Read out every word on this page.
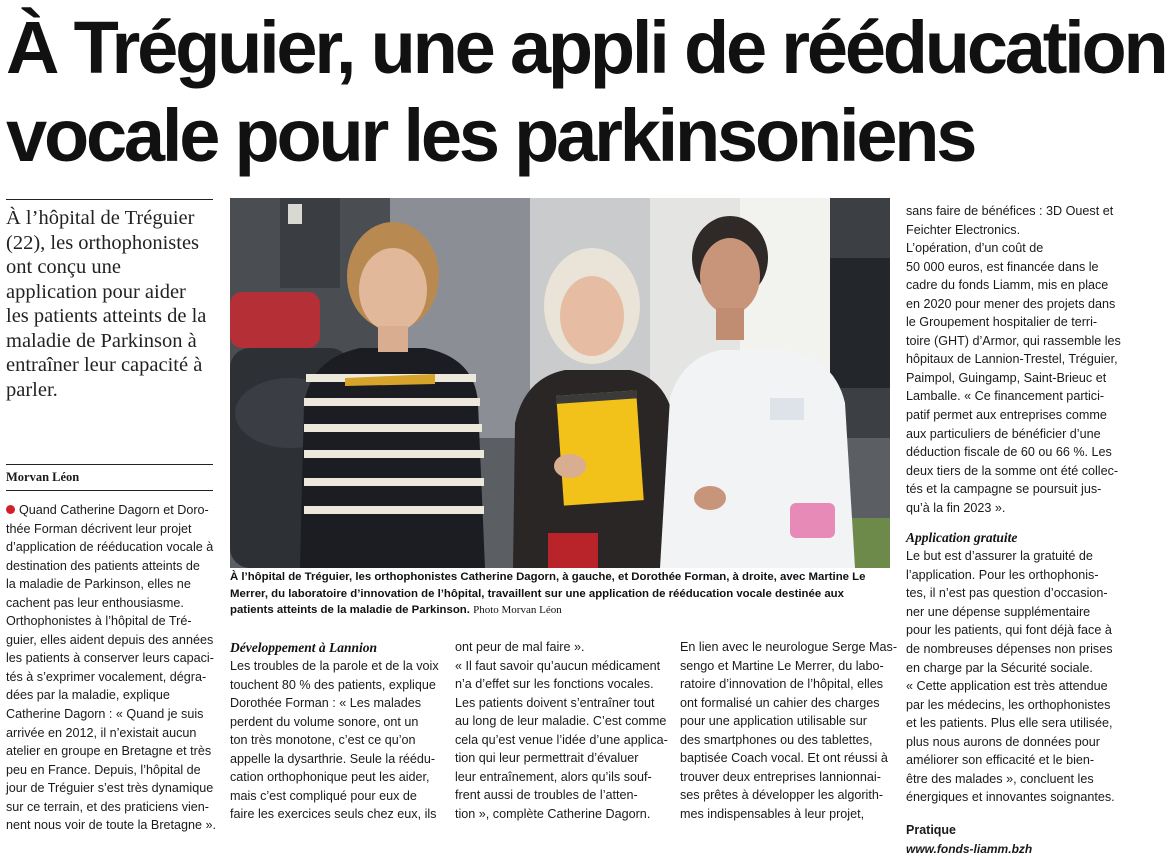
À Tréguier, une appli de rééducation
vocale pour les parkinsoniens
À l’hôpital de Tréguier (22), les orthophonistes ont conçu une application pour aider les patients atteints de la maladie de Parkinson à entraîner leur capacité à parler.
Morvan Léon
Quand Catherine Dagorn et Doro-
thée Forman décrivent leur projet
d’application de rééducation vocale à
destination des patients atteints de
la maladie de Parkinson, elles ne
cachent pas leur enthousiasme.
Orthophonistes à l’hôpital de Tré-
guier, elles aident depuis des années
les patients à conserver leurs capaci-
tés à s’exprimer vocalement, dégra-
dées par la maladie, explique
Catherine Dagorn : « Quand je suis
arrivée en 2012, il n’existait aucun
atelier en groupe en Bretagne et très
peu en France. Depuis, l’hôpital de
jour de Tréguier s’est très dynamique
sur ce terrain, et des praticiens vien-
nent nous voir de toute la Bretagne ».
À l’hôpital de Tréguier, les orthophonistes Catherine Dagorn, à gauche, et Dorothée Forman, à droite, avec Martine Le Merrer, du laboratoire d’innovation de l’hôpital, travaillent sur une application de rééducation vocale destinée aux patients atteints de la maladie de Parkinson. Photo Morvan Léon
Développement à Lannion
Les troubles de la parole et de la voix
touchent 80 % des patients, explique
Dorothée Forman : « Les malades
perdent du volume sonore, ont un
ton très monotone, c’est ce qu’on
appelle la dysarthrie. Seule la réédu-
cation orthophonique peut les aider,
mais c’est compliqué pour eux de
faire les exercices seuls chez eux, ils
ont peur de mal faire ».
« Il faut savoir qu’aucun médicament
n’a d’effet sur les fonctions vocales.
Les patients doivent s’entraîner tout
au long de leur maladie. C’est comme
cela qu’est venue l’idée d’une applica-
tion qui leur permettrait d’évaluer
leur entraînement, alors qu’ils souf-
frent aussi de troubles de l’atten-
tion », complète Catherine Dagorn.
En lien avec le neurologue Serge Mas-
sengo et Martine Le Merrer, du labo-
ratoire d’innovation de l’hôpital, elles
ont formalisé un cahier des charges
pour une application utilisable sur
des smartphones ou des tablettes,
baptisée Coach vocal. Et ont réussi à
trouver deux entreprises lannionnai-
ses prêtes à développer les algorith-
mes indispensables à leur projet,
sans faire de bénéfices : 3D Ouest et
Feichter Electronics.
L’opération, d’un coût de
50 000 euros, est financée dans le
cadre du fonds Liamm, mis en place
en 2020 pour mener des projets dans
le Groupement hospitalier de terri-
toire (GHT) d’Armor, qui rassemble les
hôpitaux de Lannion-Trestel, Tréguier,
Paimpol, Guingamp, Saint-Brieuc et
Lamballe. « Ce financement partici-
patif permet aux entreprises comme
aux particuliers de bénéficier d’une
déduction fiscale de 60 ou 66 %. Les
deux tiers de la somme ont été collec-
tés et la campagne se poursuit jus-
qu’à la fin 2023 ».
Application gratuite
Le but est d’assurer la gratuité de
l’application. Pour les orthophonis-
tes, il n’est pas question d’occasion-
ner une dépense supplémentaire
pour les patients, qui font déjà face à
de nombreuses dépenses non prises
en charge par la Sécurité sociale.
« Cette application est très attendue
par les médecins, les orthophonistes
et les patients. Plus elle sera utilisée,
plus nous aurons de données pour
améliorer son efficacité et le bien-
être des malades », concluent les
énergiques et innovantes soignantes.
Pratique
www.fonds-liamm.bzh
